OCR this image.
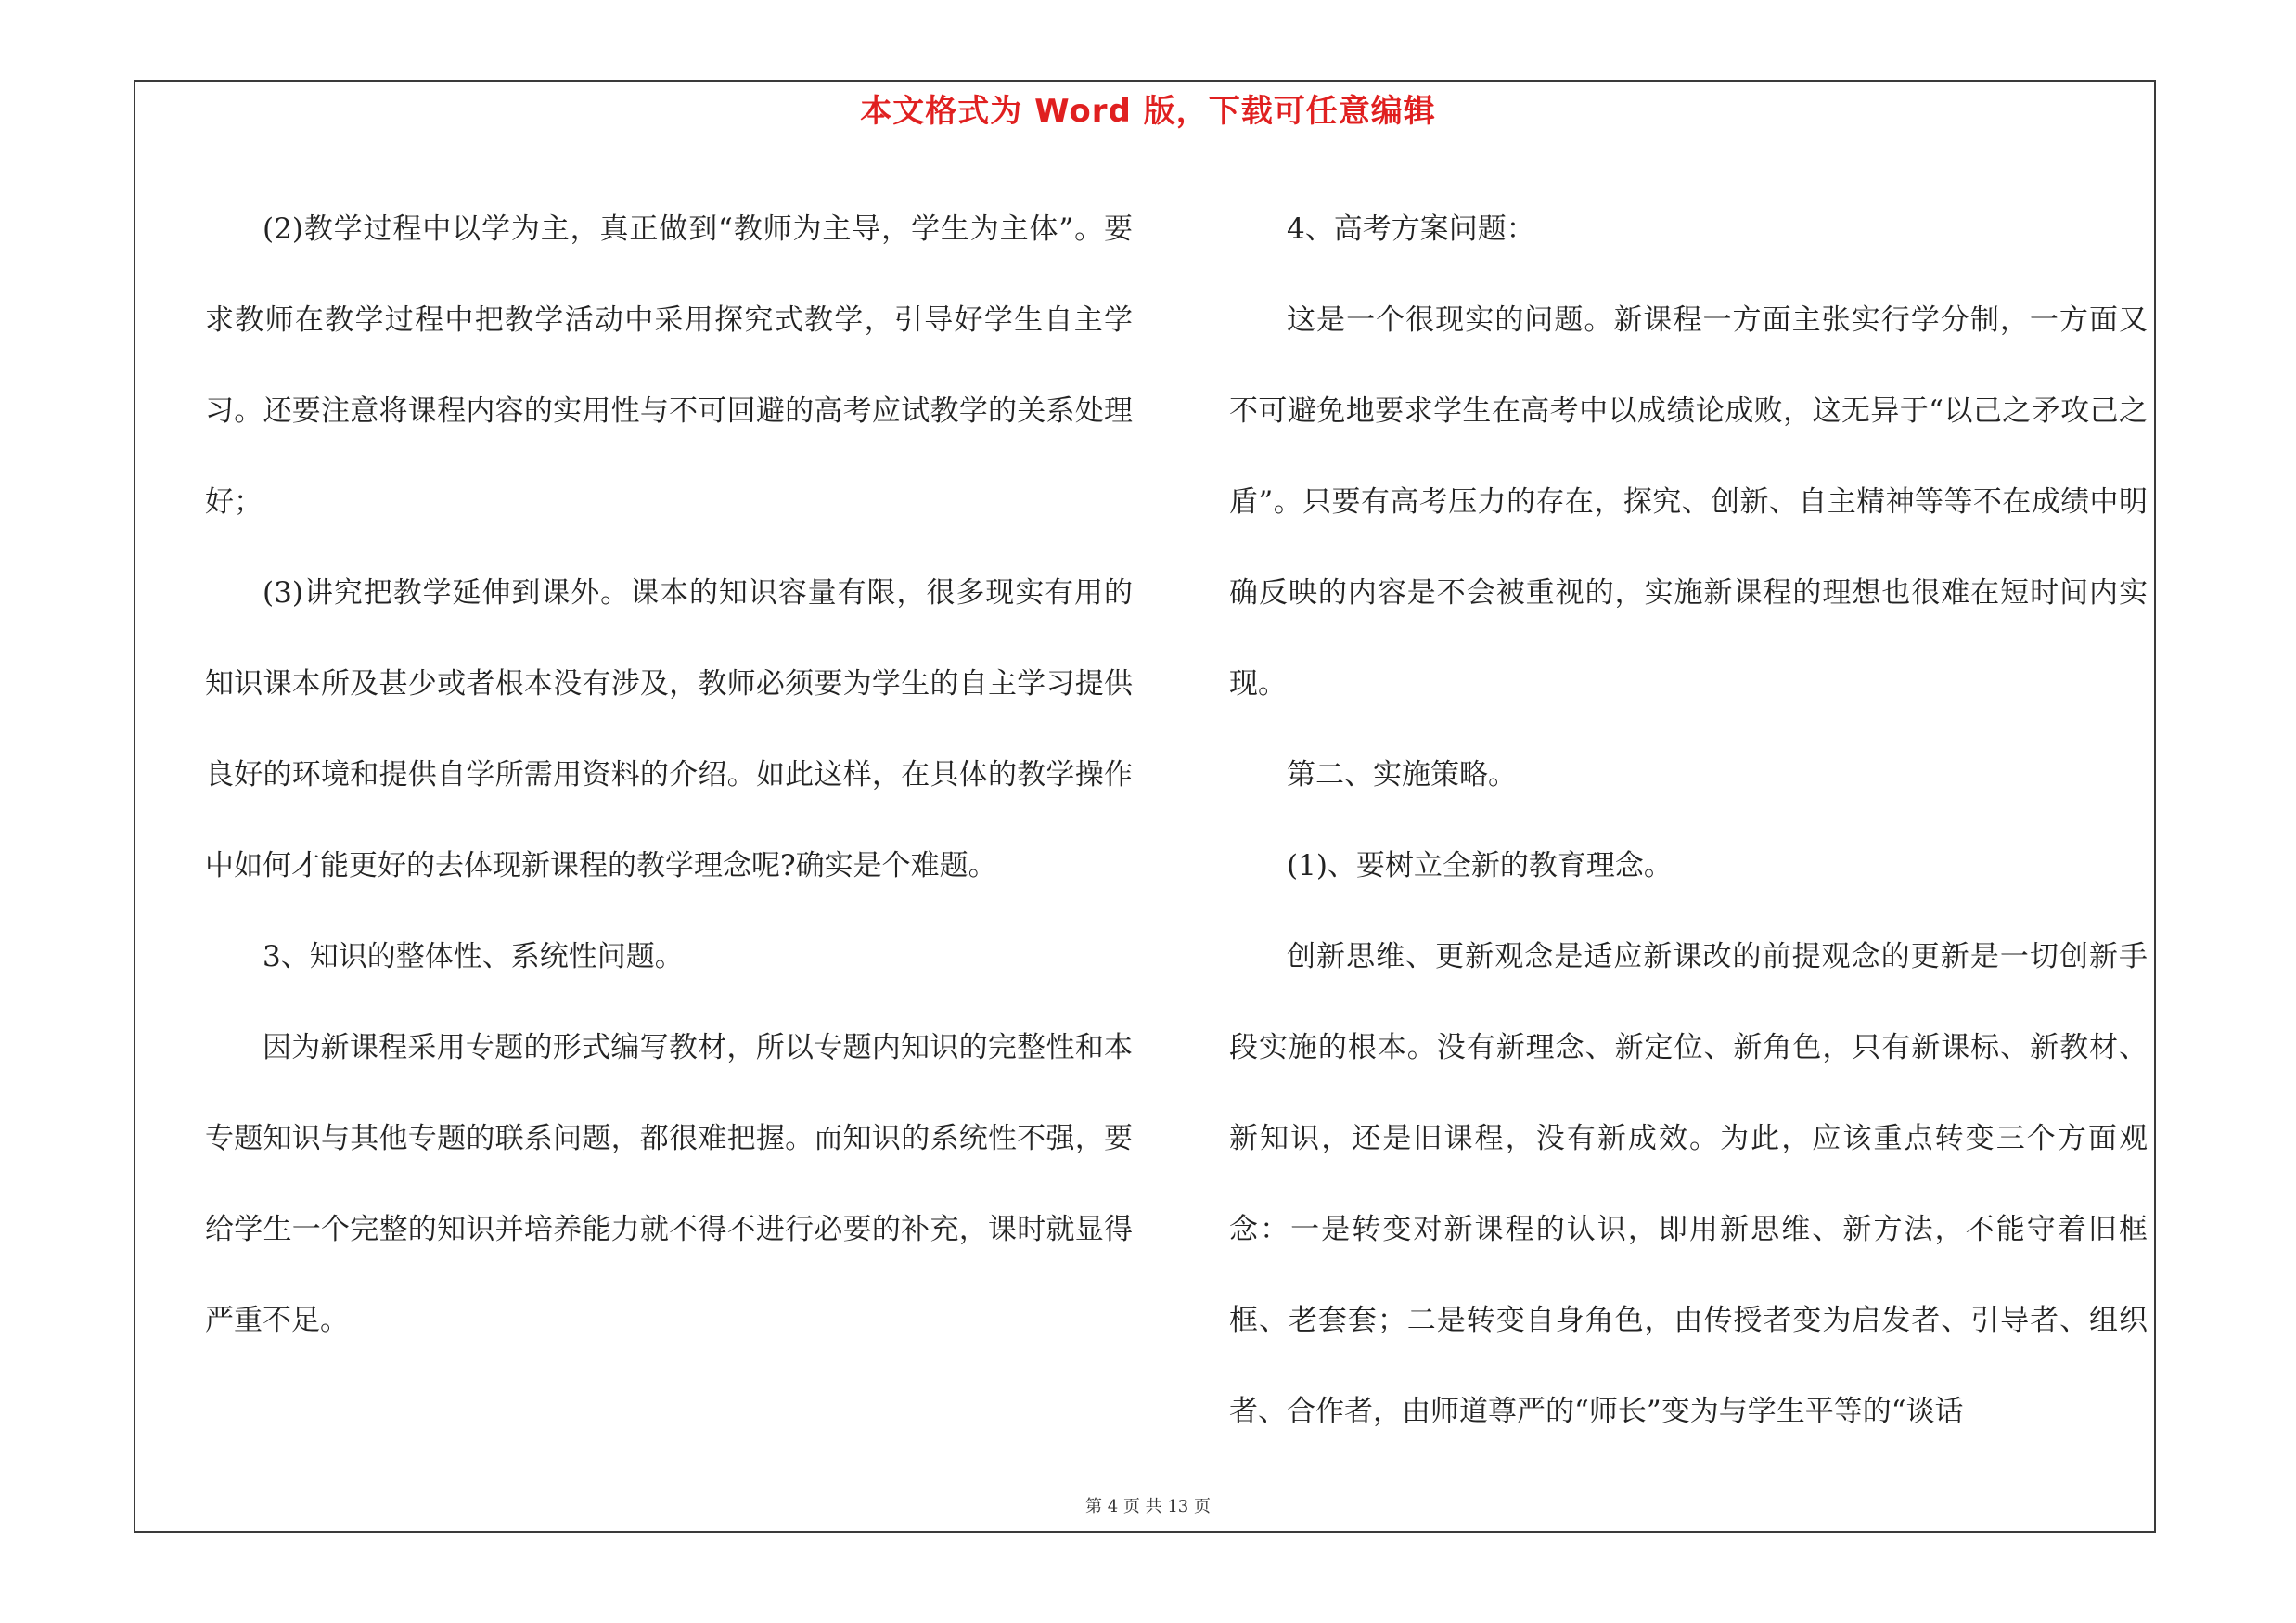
本文格式为 Word 版，下载可任意编辑

(2)教学过程中以学为主，真正做到“教师为主导，学生为主体”。要求教师在教学过程中把教学活动中采用探究式教学，引导好学生自主学习。还要注意将课程内容的实用性与不可回避的高考应试教学的关系处理好；

(3)讲究把教学延伸到课外。课本的知识容量有限，很多现实有用的知识课本所及甚少或者根本没有涉及，教师必须要为学生的自主学习提供良好的环境和提供自学所需用资料的介绍。如此这样，在具体的教学操作中如何才能更好的去体现新课程的教学理念呢?确实是个难题。

3、知识的整体性、系统性问题。

因为新课程采用专题的形式编写教材，所以专题内知识的完整性和本专题知识与其他专题的联系问题，都很难把握。而知识的系统性不强，要给学生一个完整的知识并培养能力就不得不进行必要的补充，课时就显得严重不足。

4、高考方案问题：

这是一个很现实的问题。新课程一方面主张实行学分制，一方面又不可避免地要求学生在高考中以成绩论成败，这无异于“以己之矛攻己之盾”。只要有高考压力的存在，探究、创新、自主精神等等不在成绩中明确反映的内容是不会被重视的，实施新课程的理想也很难在短时间内实现。

第二、实施策略。

(1)、要树立全新的教育理念。

创新思维、更新观念是适应新课改的前提观念的更新是一切创新手段实施的根本。没有新理念、新定位、新角色，只有新课标、新教材、新知识，还是旧课程，没有新成效。为此，应该重点转变三个方面观念：一是转变对新课程的认识，即用新思维、新方法，不能守着旧框框、老套套；二是转变自身角色，由传授者变为启发者、引导者、组织者、合作者，由师道尊严的“师长”变为与学生平等的“谈话

第 4 页 共 13 页
